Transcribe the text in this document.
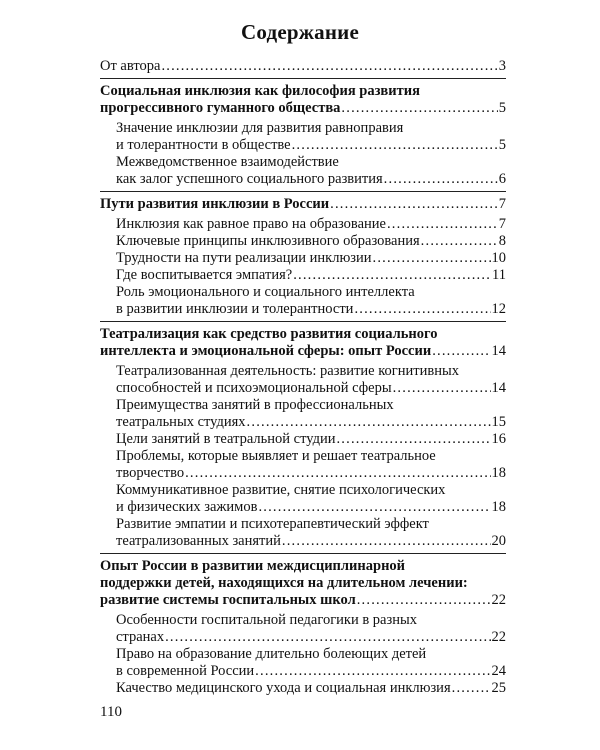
Содержание
От автора .....	3
Социальная инклюзия как философия развития
прогрессивного гуманного общества .....	5
Значение инклюзии для развития равноправия
и толерантности в обществе .....	5
Межведомственное взаимодействие
как залог успешного социального развития .....	6
Пути развития инклюзии в России .....	7
Инклюзия как равное право на образование .....	7
Ключевые принципы инклюзивного образования .....	8
Трудности на пути реализации инклюзии .....	10
Где воспитывается эмпатия? .....	11
Роль эмоционального и социального интеллекта
в развитии инклюзии и толерантности .....	12
Театрализация как средство развития социального
интеллекта и эмоциональной сферы: опыт России .....	14
Театрализованная деятельность: развитие когнитивных
способностей и психоэмоциональной сферы .....	14
Преимущества занятий в профессиональных
театральных студиях .....	15
Цели занятий в театральной студии .....	16
Проблемы, которые выявляет и решает театральное
творчество .....	18
Коммуникативное развитие, снятие психологических
и физических зажимов .....	18
Развитие эмпатии и психотерапевтический эффект
театрализованных занятий .....	20
Опыт России в развитии междисциплинарной
поддержки детей, находящихся на длительном лечении:
развитие системы госпитальных школ .....	22
Особенности госпитальной педагогики в разных
странах .....	22
Право на образование длительно болеющих детей
в современной России .....	24
Качество медицинского ухода и социальная инклюзия .....	25
110
